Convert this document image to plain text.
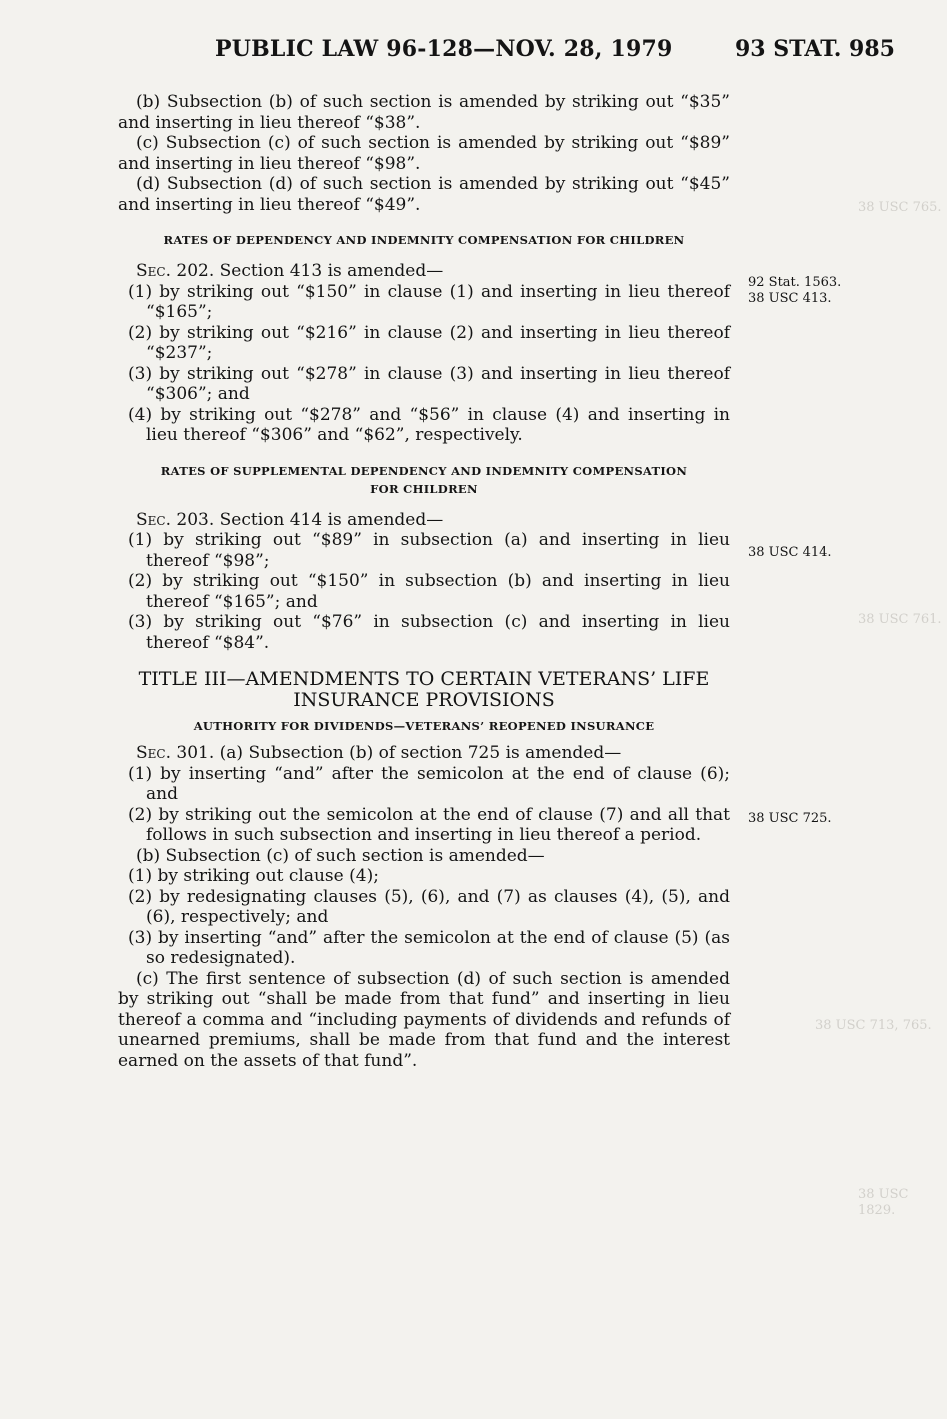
PUBLIC LAW 96-128—NOV. 28, 1979	93 STAT. 985

(b) Subsection (b) of such section is amended by striking out “$35” and inserting in lieu thereof “$38”.

(c) Subsection (c) of such section is amended by striking out “$89” and inserting in lieu thereof “$98”.

(d) Subsection (d) of such section is amended by striking out “$45” and inserting in lieu thereof “$49”.

RATES OF DEPENDENCY AND INDEMNITY COMPENSATION FOR CHILDREN

Sec. 202. Section 413 is amended—

(1) by striking out “$150” in clause (1) and inserting in lieu thereof “$165”;

(2) by striking out “$216” in clause (2) and inserting in lieu thereof “$237”;

(3) by striking out “$278” in clause (3) and inserting in lieu thereof “$306”; and

(4) by striking out “$278” and “$56” in clause (4) and inserting in lieu thereof “$306” and “$62”, respectively.

RATES OF SUPPLEMENTAL DEPENDENCY AND INDEMNITY COMPENSATION

FOR CHILDREN

Sec. 203. Section 414 is amended—

(1) by striking out “$89” in subsection (a) and inserting in lieu thereof “$98”;

(2) by striking out “$150” in subsection (b) and inserting in lieu thereof “$165”; and

(3) by striking out “$76” in subsection (c) and inserting in lieu thereof “$84”.

TITLE III—AMENDMENTS TO CERTAIN VETERANS’ LIFE

INSURANCE PROVISIONS

AUTHORITY FOR DIVIDENDS—VETERANS’ REOPENED INSURANCE

Sec. 301. (a) Subsection (b) of section 725 is amended—

(1) by inserting “and” after the semicolon at the end of clause (6); and

(2) by striking out the semicolon at the end of clause (7) and all that follows in such subsection and inserting in lieu thereof a period.

(b) Subsection (c) of such section is amended—

(1) by striking out clause (4);

(2) by redesignating clauses (5), (6), and (7) as clauses (4), (5), and (6), respectively; and

(3) by inserting “and” after the semicolon at the end of clause (5) (as so redesignated).

(c) The first sentence of subsection (d) of such section is amended by striking out “shall be made from that fund” and inserting in lieu thereof a comma and “including payments of dividends and refunds of unearned premiums, shall be made from that fund and the interest earned on the assets of that fund”.

92 Stat. 1563.
38 USC 413.
38 USC 414.
38 USC 725.
38 USC 765.
38 USC 761.
38 USC 713, 765.
38 USC 1829.
